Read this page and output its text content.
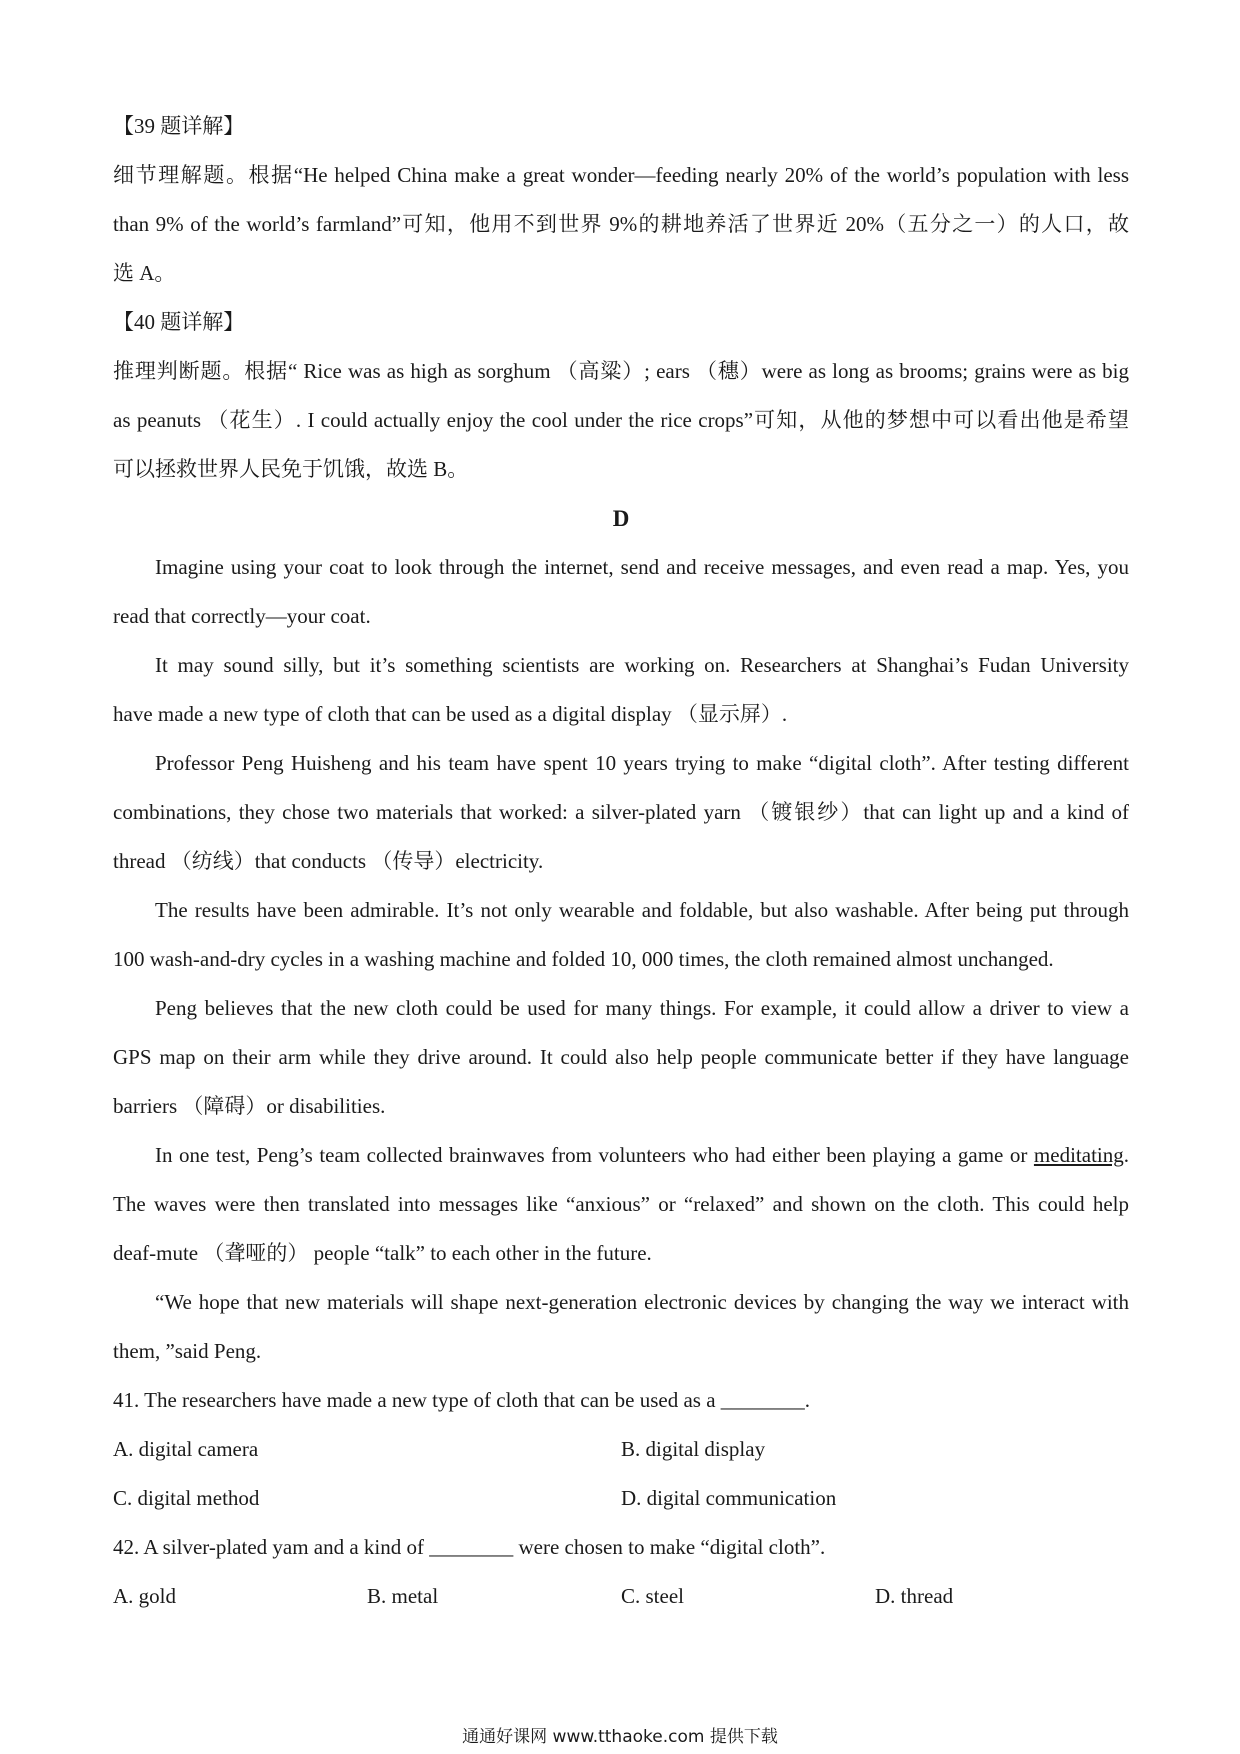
【39 题详解】

细节理解题。根据“He helped China make a great wonder—feeding nearly 20% of the world’s population with less

than 9% of the world’s farmland”可知，他用不到世界 9%的耕地养活了世界近 20%（五分之一）的人口，故

选 A。

【40 题详解】

推理判断题。根据“ Rice was as high as sorghum （高粱）; ears （穗）were as long as brooms; grains were as big

as peanuts （花生）. I could actually enjoy the cool under the rice crops”可知，从他的梦想中可以看出他是希望

可以拯救世界人民免于饥饿，故选 B。

D

Imagine using your coat to look through the internet, send and receive messages, and even read a map. Yes, you

read that correctly—your coat.

It may sound silly, but it’s something scientists are working on. Researchers at Shanghai’s Fudan University

have made a new type of cloth that can be used as a digital display （显示屏）.

Professor Peng Huisheng and his team have spent 10 years trying to make “digital cloth”. After testing different

combinations, they chose two materials that worked: a silver-plated yarn （镀银纱）that can light up and a kind of

thread （纺线）that conducts （传导）electricity.

The results have been admirable. It’s not only wearable and foldable, but also washable. After being put through

100 wash-and-dry cycles in a washing machine and folded 10, 000 times, the cloth remained almost unchanged.

Peng believes that the new cloth could be used for many things. For example, it could allow a driver to view a

GPS map on their arm while they drive around. It could also help people communicate better if they have language

barriers （障碍）or disabilities.

In one test, Peng’s team collected brainwaves from volunteers who had either been playing a game or meditating.

The waves were then translated into messages like “anxious” or “relaxed” and shown on the cloth. This could help

deaf-mute （聋哑的） people “talk” to each other in the future.

“We hope that new materials will shape next-generation electronic devices by changing the way we interact with

them, ”said Peng.

41. The researchers have made a new type of cloth that can be used as a ________.

A. digital camera	B. digital display
C. digital method	D. digital communication

42. A silver-plated yam and a kind of ________ were chosen to make “digital cloth”.

A. gold	B. metal	C. steel	D. thread
通通好课网 www.tthaoke.com 提供下载
